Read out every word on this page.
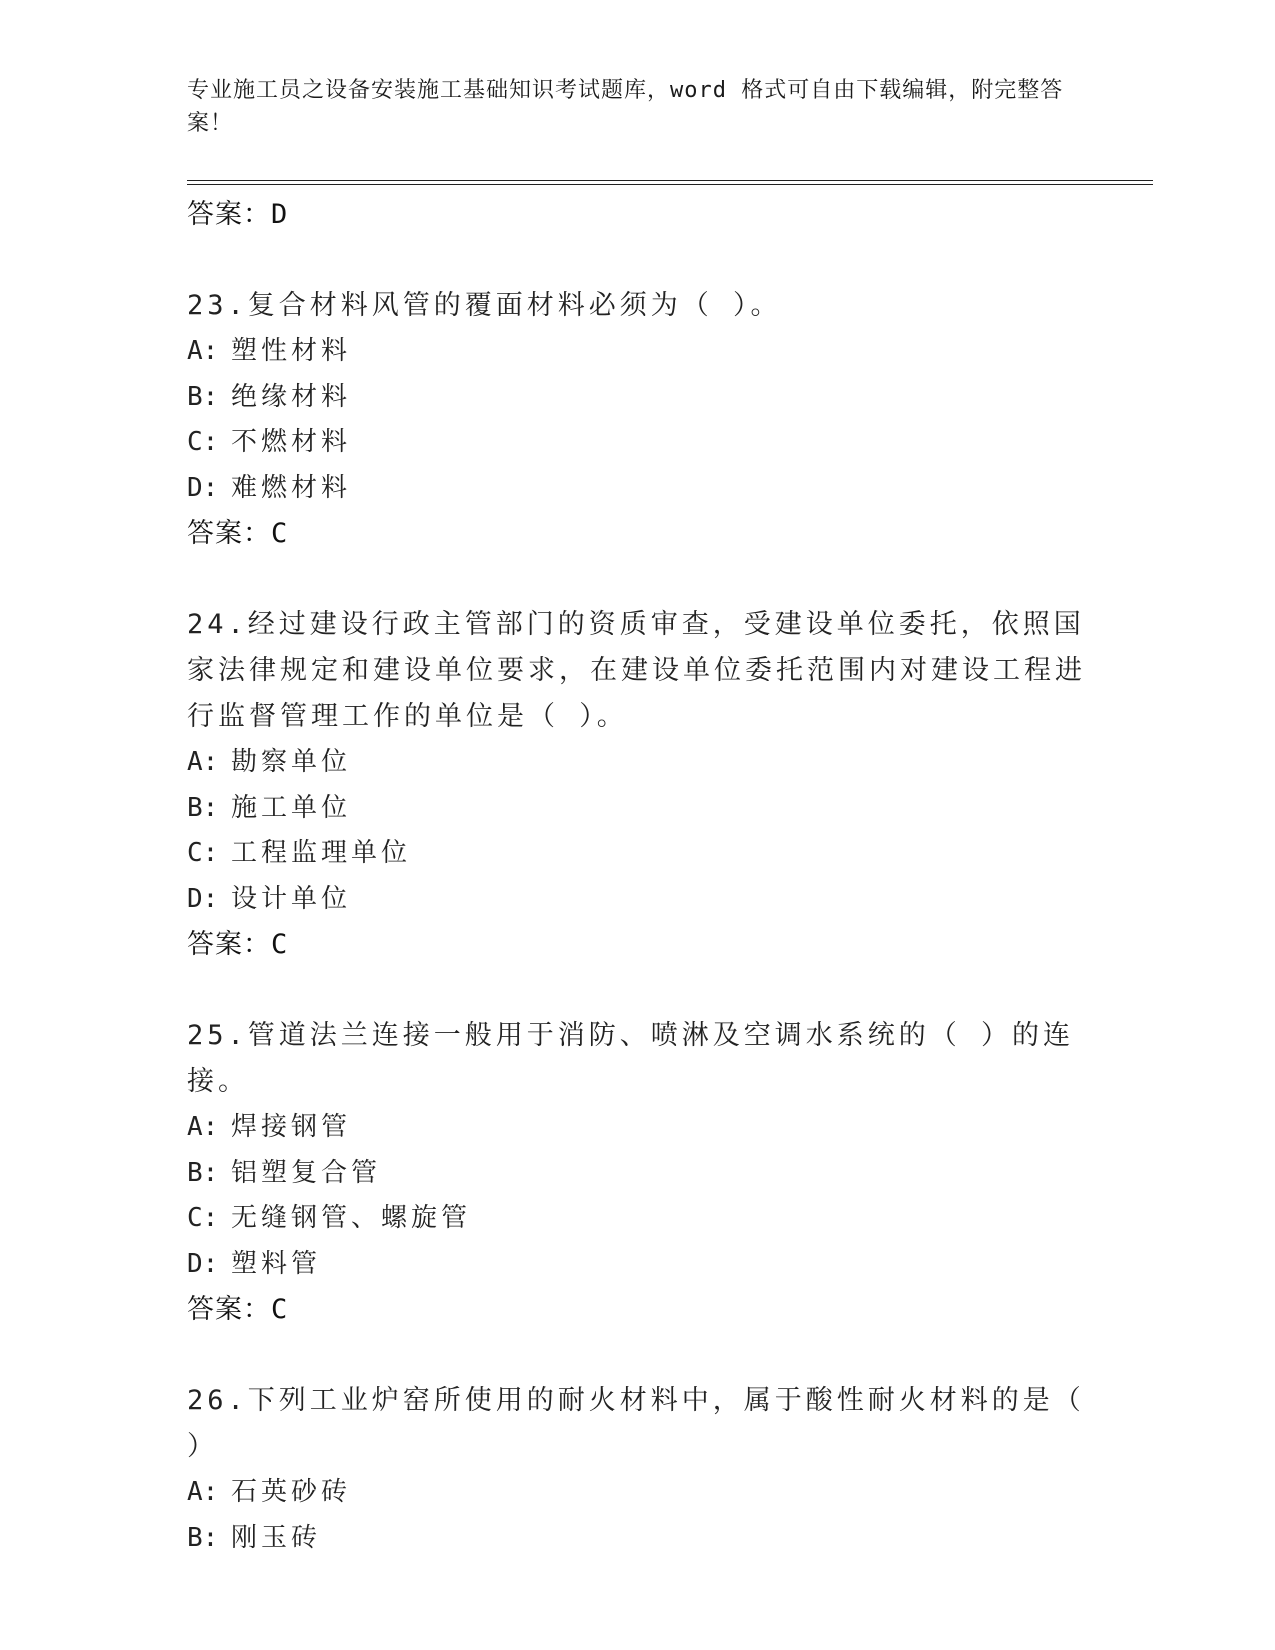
专业施工员之设备安装施工基础知识考试题库，word 格式可自由下载编辑，附完整答案！
答案：D
23.复合材料风管的覆面材料必须为（ ）。
A: 塑性材料
B: 绝缘材料
C: 不燃材料
D: 难燃材料
答案：C
24.经过建设行政主管部门的资质审查，受建设单位委托，依照国家法律规定和建设单位要求，在建设单位委托范围内对建设工程进行监督管理工作的单位是（ ）。
A: 勘察单位
B: 施工单位
C: 工程监理单位
D: 设计单位
答案：C
25.管道法兰连接一般用于消防、喷淋及空调水系统的（ ）的连接。
A: 焊接钢管
B: 铝塑复合管
C: 无缝钢管、螺旋管
D: 塑料管
答案：C
26.下列工业炉窑所使用的耐火材料中，属于酸性耐火材料的是（ ）
A: 石英砂砖
B: 刚玉砖
